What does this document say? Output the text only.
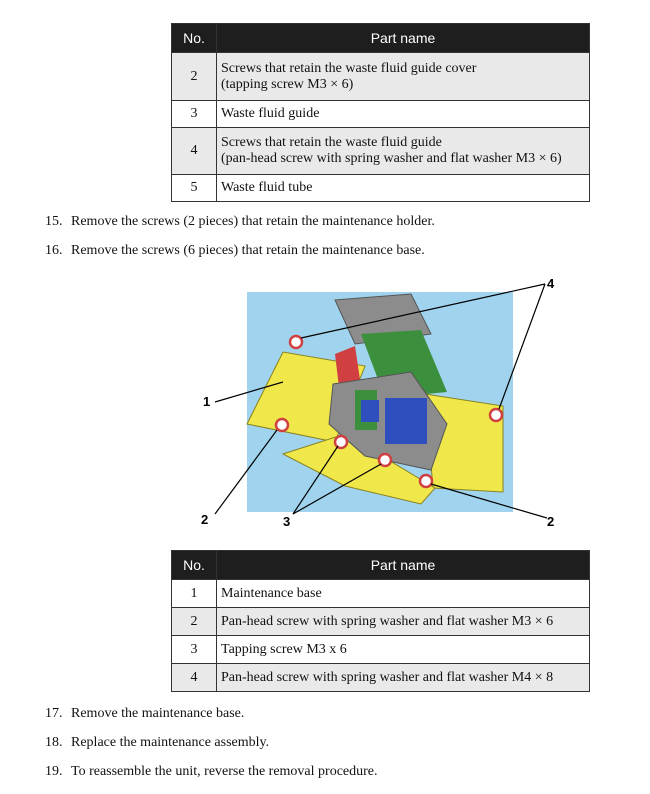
No.	Part name
2	Screws that retain the waste fluid guide cover
(tapping screw M3 × 6)

3	Waste fluid guide
4	Screws that retain the waste fluid guide
(pan-head screw with spring washer and flat washer M3 × 6)

5	Waste fluid tube
15. Remove the screws (2 pieces) that retain the maintenance holder.
16. Remove the screws (6 pieces) that retain the maintenance base.
1
2	3	2
4
No.	Part name
1	Maintenance base
2	Pan-head screw with spring washer and flat washer M3 × 6
3	Tapping screw M3 x 6
4	Pan-head screw with spring washer and flat washer M4 × 8
17. Remove the maintenance base.
18. Replace the maintenance assembly.
19. To reassemble the unit, reverse the removal procedure.
